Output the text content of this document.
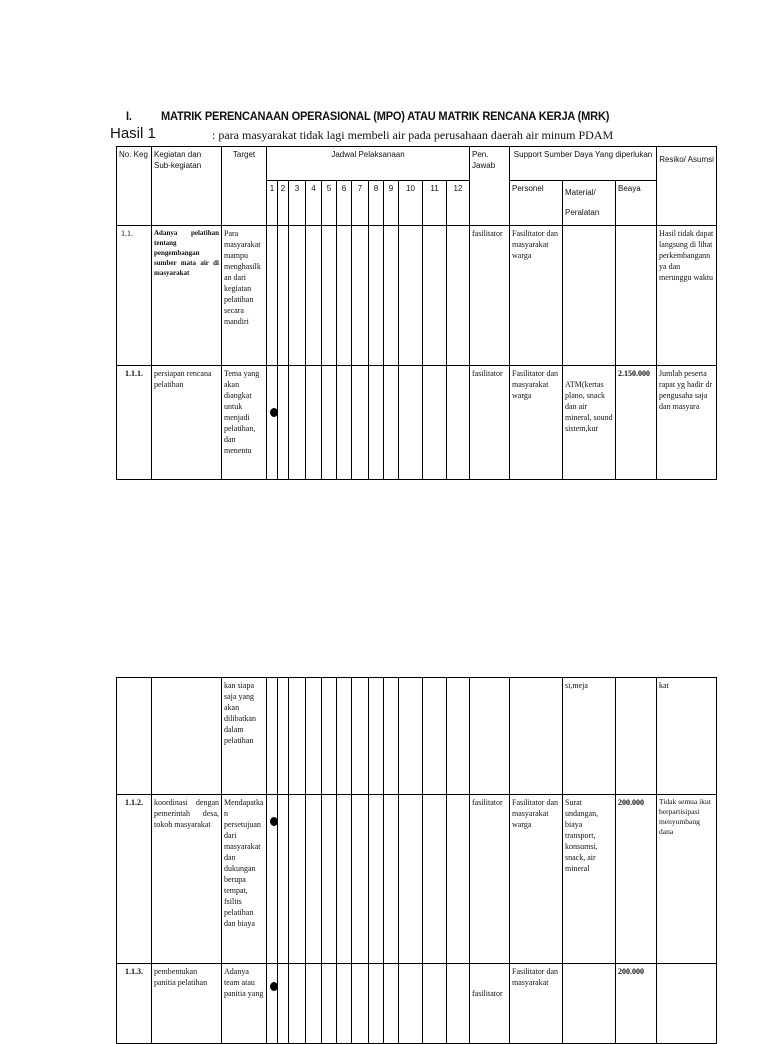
I. MATRIK PERENCANAAN OPERASIONAL (MPO) ATAU MATRIK RENCANA KERJA (MRK)
Hasil 1	: para masyarakat tidak lagi membeli air pada perusahaan daerah air minum PDAM
No. Keg	Kegiatan dan Sub-kegiatan	Target	Jadwal Pelaksanaan												Pen. Jawab	Support Sumber Daya Yang diperlukan			Resiko/ Asumsi
			1	2	3	4	5	6	7	8	9	10	11	12		Personel	Material/ Peralatan	Beaya	
1.1.	Adanya pelatihan tentang pengembangan sumber mata air di masyarakat	Para masyarakat mampu menghasilkan dari kegiatan pelatihan secara mandiri													fasilitator	Fasilitator dan masyarakat warga			Hasil tidak dapat langsung di lihat perkembangannya dan merunggu waktu
1.1.1.	persiapan rencana pelatihan	Tema yang akan diangkat untuk menjadi pelatihan, dan menentu													fasilitator	Fasilitator dan masyarakat warga	ATM(kertas plano, snack dan air mineral, sound sistem,kur	2.150.000	Jumlah peserta rapat yg hadir dr pengusaha saja dan masyara
		kan siapa saja yang akan dilibatkan dalam pelatihan															si,meja		kat
1.1.2.	koordinasi dengan pemerintah desa, tokoh masyarakat	Mendapatkan persetujuan dari masyarakatdan dukungan berupa tempat, fsilits pelatihan dan biaya													fasilitator	Fasilitator dan masyarakat warga	Surat undangan, biaya transport, konsumsi, snack, air mineral	200.000	Tidak semua ikut berpartisipasi menyumbang dana
1.1.3.	pembentukan panitia pelatihan	Adanya team atau panitia yang													fasilitator	Fasilitator dan masyarakat		200.000	
